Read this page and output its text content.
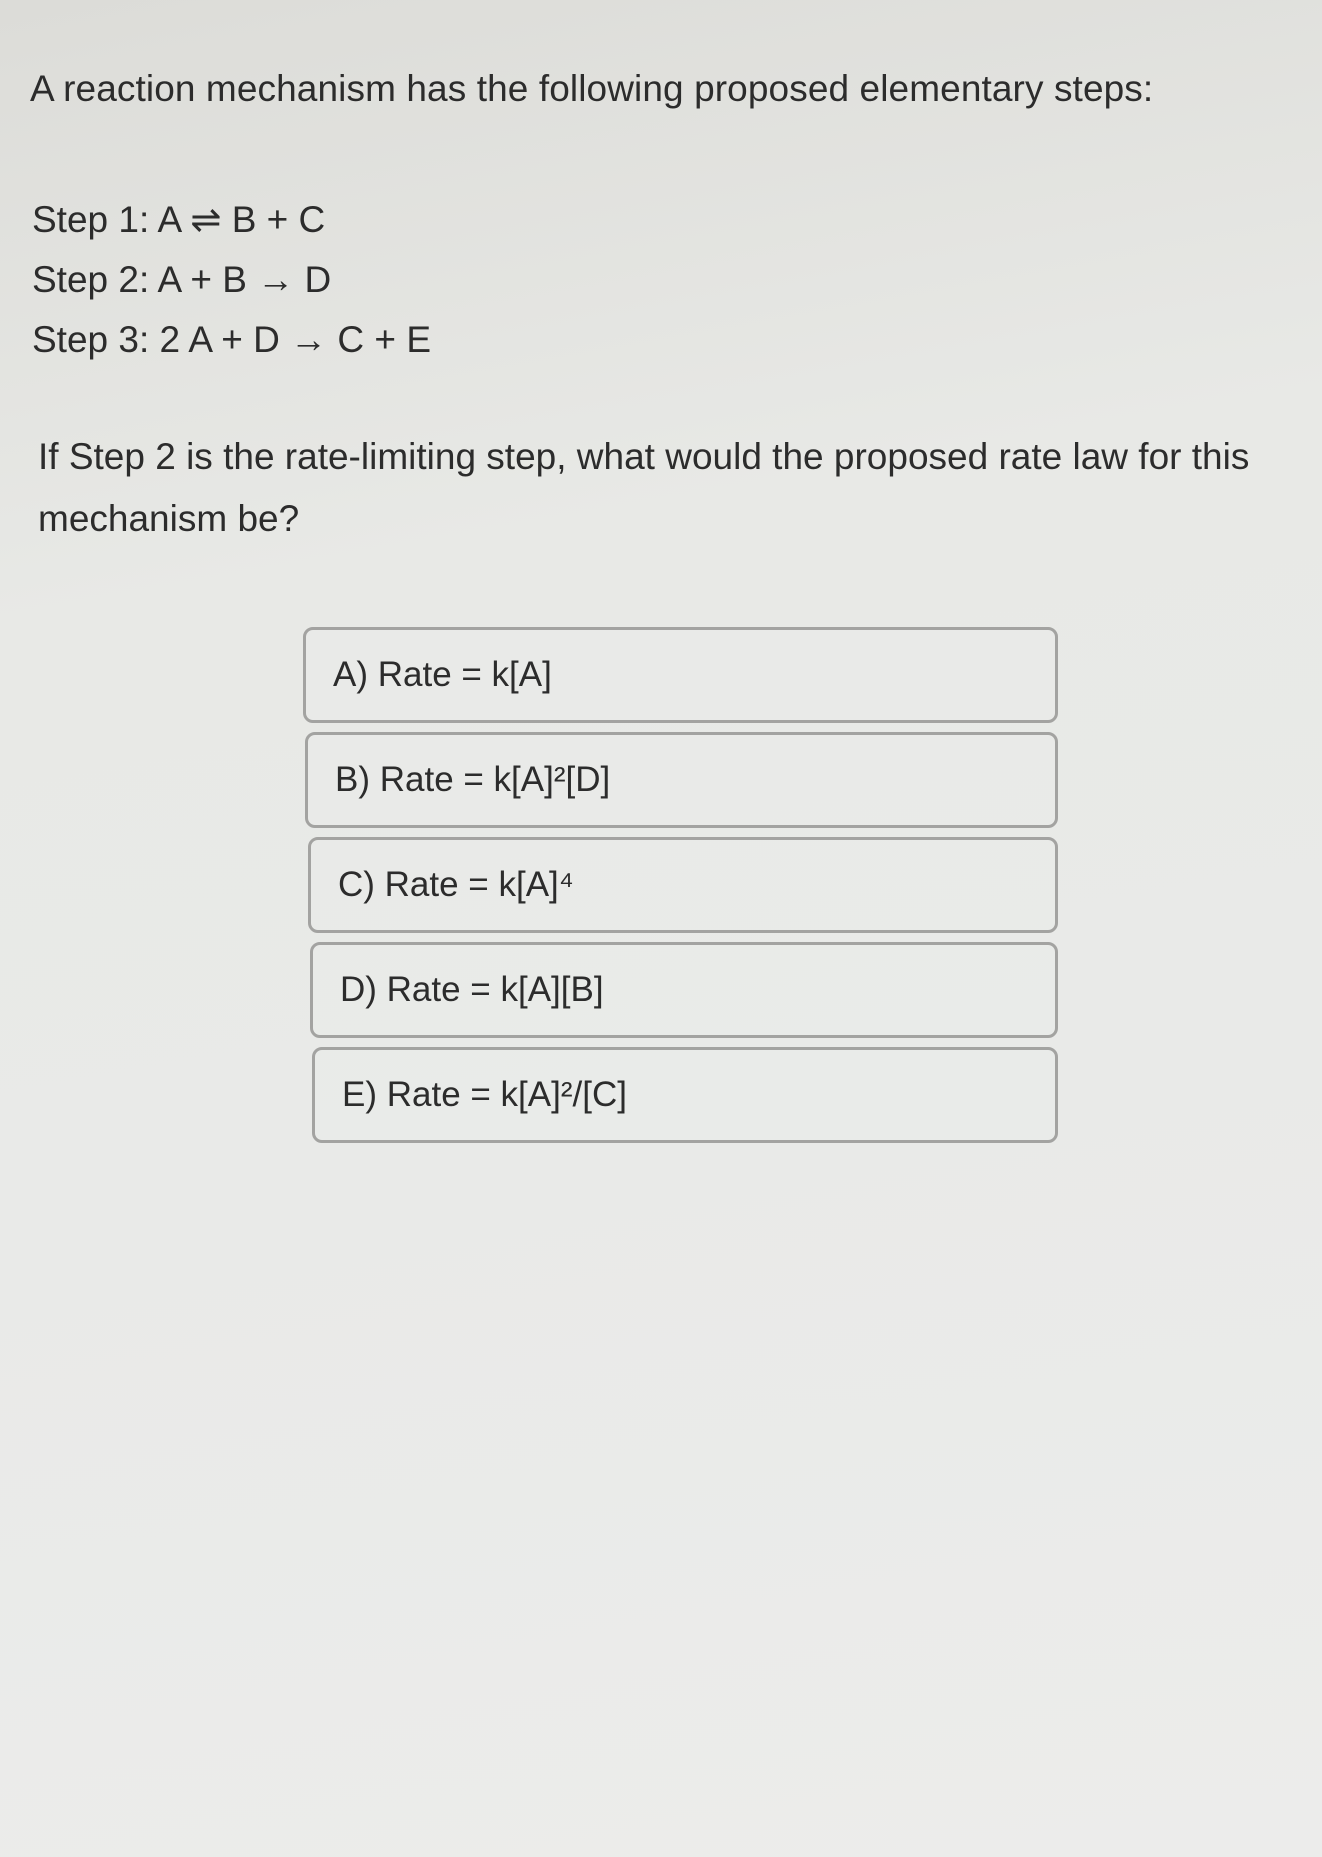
A reaction mechanism has the following proposed elementary steps:
Step 1: A ⇌ B + C
Step 2: A + B → D
Step 3: 2 A + D → C + E
If Step 2 is the rate-limiting step, what would the proposed rate law for this mechanism be?
A) Rate = k[A]
B) Rate = k[A]²[D]
C) Rate = k[A]⁴
D) Rate = k[A][B]
E) Rate = k[A]²/[C]
